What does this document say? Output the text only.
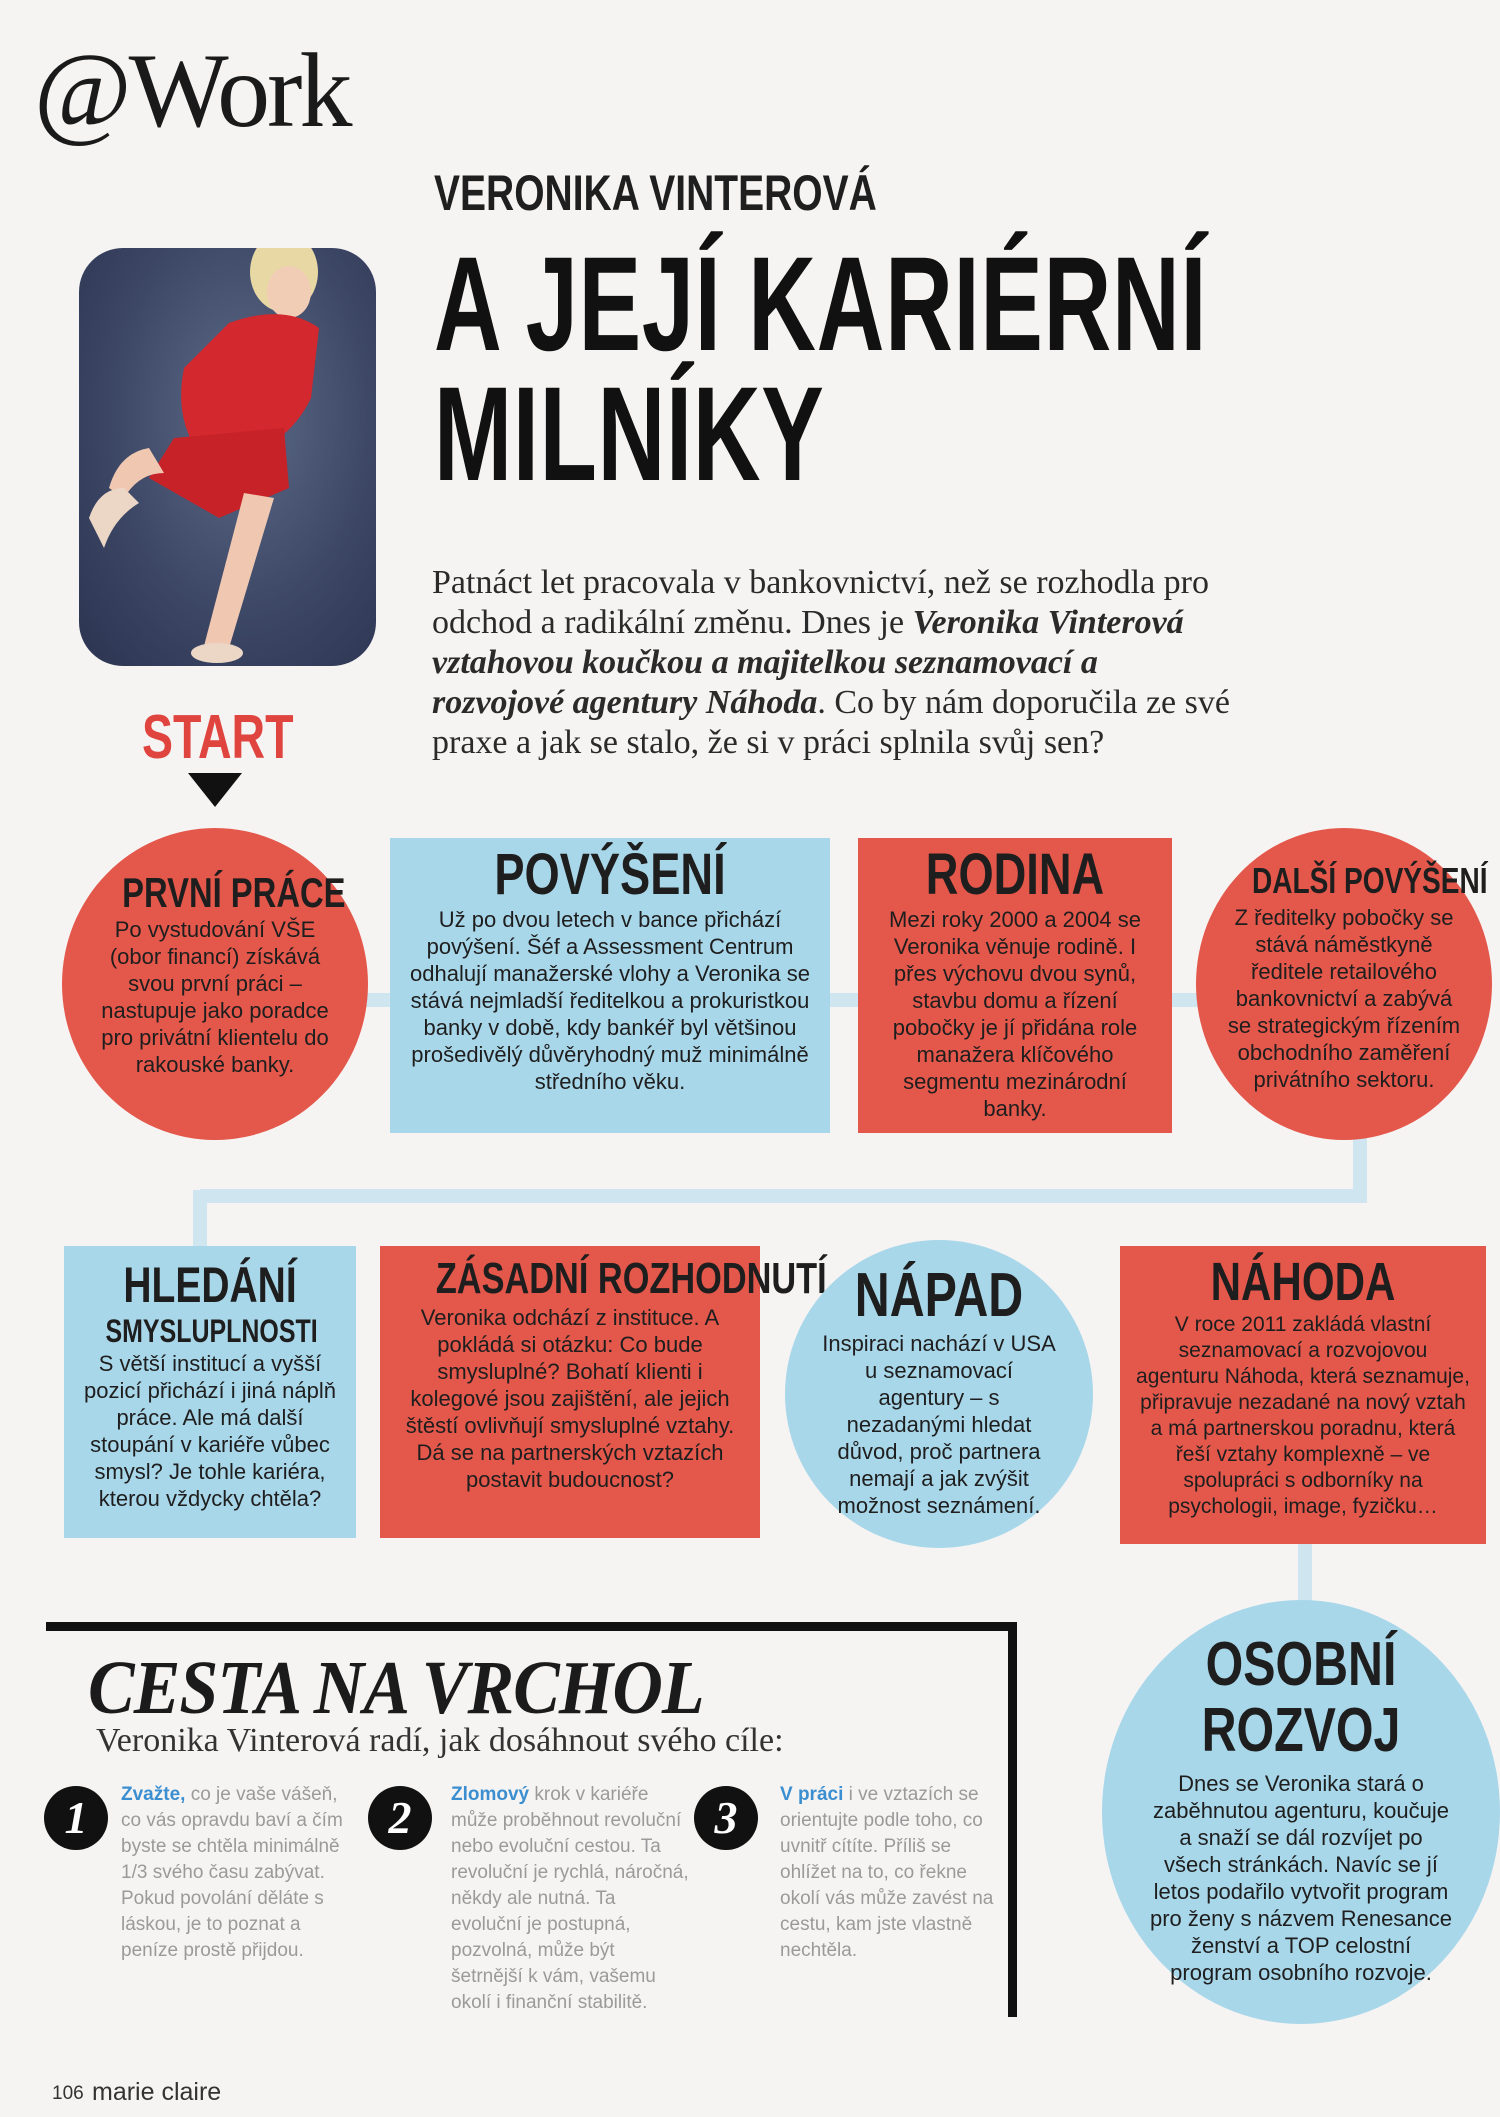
@Work
VERONIKA VINTEROVÁ
A JEJÍ KARIÉRNÍ
MILNÍKY
Patnáct let pracovala v bankovnictví, než se rozhodla pro odchod a radikální změnu. Dnes je Veronika Vinterová vztahovou koučkou a majitelkou seznamovací a rozvojové agentury Náhoda. Co by nám doporučila ze své praxe a jak se stalo, že si v práci splnila svůj sen?
START
PRVNÍ PRÁCE
Po vystudování VŠE (obor financí) získává svou první práci – nastupuje jako poradce pro privátní klientelu do rakouské banky.
POVÝŠENÍ
Už po dvou letech v bance přichází povýšení. Šéf a Assessment Centrum odhalují manažerské vlohy a Veronika se stává nejmladší ředitelkou a prokuristkou banky v době, kdy bankéř byl většinou prošedivělý důvěryhodný muž minimálně středního věku.
RODINA
Mezi roky 2000 a 2004 se Veronika věnuje rodině. I přes výchovu dvou synů, stavbu domu a řízení pobočky je jí přidána role manažera klíčového segmentu mezinárodní banky.
DALŠÍ POVÝŠENÍ
Z ředitelky pobočky se stává náměstkyně ředitele retailového bankovnictví a zabývá se strategickým řízením obchodního zaměření privátního sektoru.
HLEDÁNÍ
SMYSLUPLNOSTI
S větší institucí a vyšší pozicí přichází i jiná náplň práce. Ale má další stoupání v kariéře vůbec smysl? Je tohle kariéra, kterou vždycky chtěla?
ZÁSADNÍ ROZHODNUTÍ
Veronika odchází z instituce. A pokládá si otázku: Co bude smysluplné? Bohatí klienti i kolegové jsou zajištění, ale jejich štěstí ovlivňují smysluplné vztahy. Dá se na partnerských vztazích postavit budoucnost?
NÁPAD
Inspiraci nachází v USA u seznamovací agentury – s nezadanými hledat důvod, proč partnera nemají a jak zvýšit možnost seznámení.
NÁHODA
V roce 2011 zakládá vlastní seznamovací a rozvojovou agenturu Náhoda, která seznamuje, připravuje nezadané na nový vztah a má partnerskou poradnu, která řeší vztahy komplexně – ve spolupráci s odborníky na psychologii, image, fyzičku…
OSOBNÍ
ROZVOJ
Dnes se Veronika stará o zaběhnutou agenturu, koučuje a snaží se dál rozvíjet po všech stránkách. Navíc se jí letos podařilo vytvořit program pro ženy s názvem Renesance ženství a TOP celostní program osobního rozvoje.
CESTA NA VRCHOL
Veronika Vinterová radí, jak dosáhnout svého cíle:
1	Zvažte, co je vaše vášeň, co vás opravdu baví a čím byste se chtěla minimálně 1/3 svého času zabývat. Pokud povolání děláte s láskou, je to poznat a peníze prostě přijdou.
2	Zlomový krok v kariéře může proběhnout revoluční nebo evoluční cestou. Ta revoluční je rychlá, náročná, někdy ale nutná. Ta evoluční je postupná, pozvolná, může být šetrnější k vám, vašemu okolí i finanční stabilitě.
3	V práci i ve vztazích se orientujte podle toho, co uvnitř cítíte. Příliš se ohlížet na to, co řekne okolí vás může zavést na cestu, kam jste vlastně nechtěla.
106 marie claire
